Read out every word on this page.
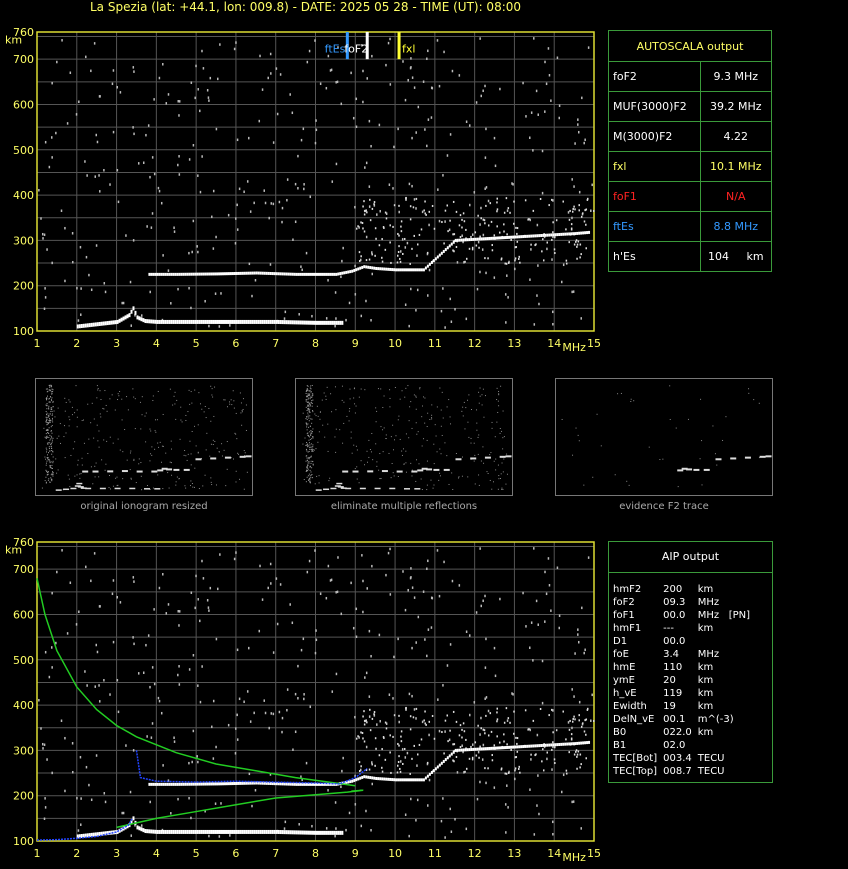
La Spezia (lat: +44.1, lon: 009.8) - DATE: 2025 05 28 - TIME (UT): 08:00
1	2	3	4	5	6	7	8	9	10 11 12 13 14 15
100
200
300
400
500
600
700
760
MHz
km
ftEs
foF2	fxl	AUTOSCALA output	
foF2	9.3 MHz
MUF(3000)F2	39.2 MHz
M(3000)F2	4.22
fxl	10.1 MHz
foF1	N/A
ftEs	8.8 MHz
h'Es	104     km
original ionogram resized	eliminate multiple reflections	evidence F2 trace
1	2	3	4	5	6	7	8	9	10 11 12 13 14 15
100
200
300
400
500
600
700
760
MHz
km
AIP output
hmF2	200	km
foF2	09.3	MHz
foF1	00.0	MHz   [PN]
hmF1	---	km
D1	00.0	
foE	3.4	MHz
hmE	110	km
ymE	20	km
h_vE	119	km
Ewidth	19	km
DelN_vE	00.1	m^(-3)
B0	022.0	km
B1	02.0	
TEC[Bot]	003.4	TECU
TEC[Top]	008.7	TECU
